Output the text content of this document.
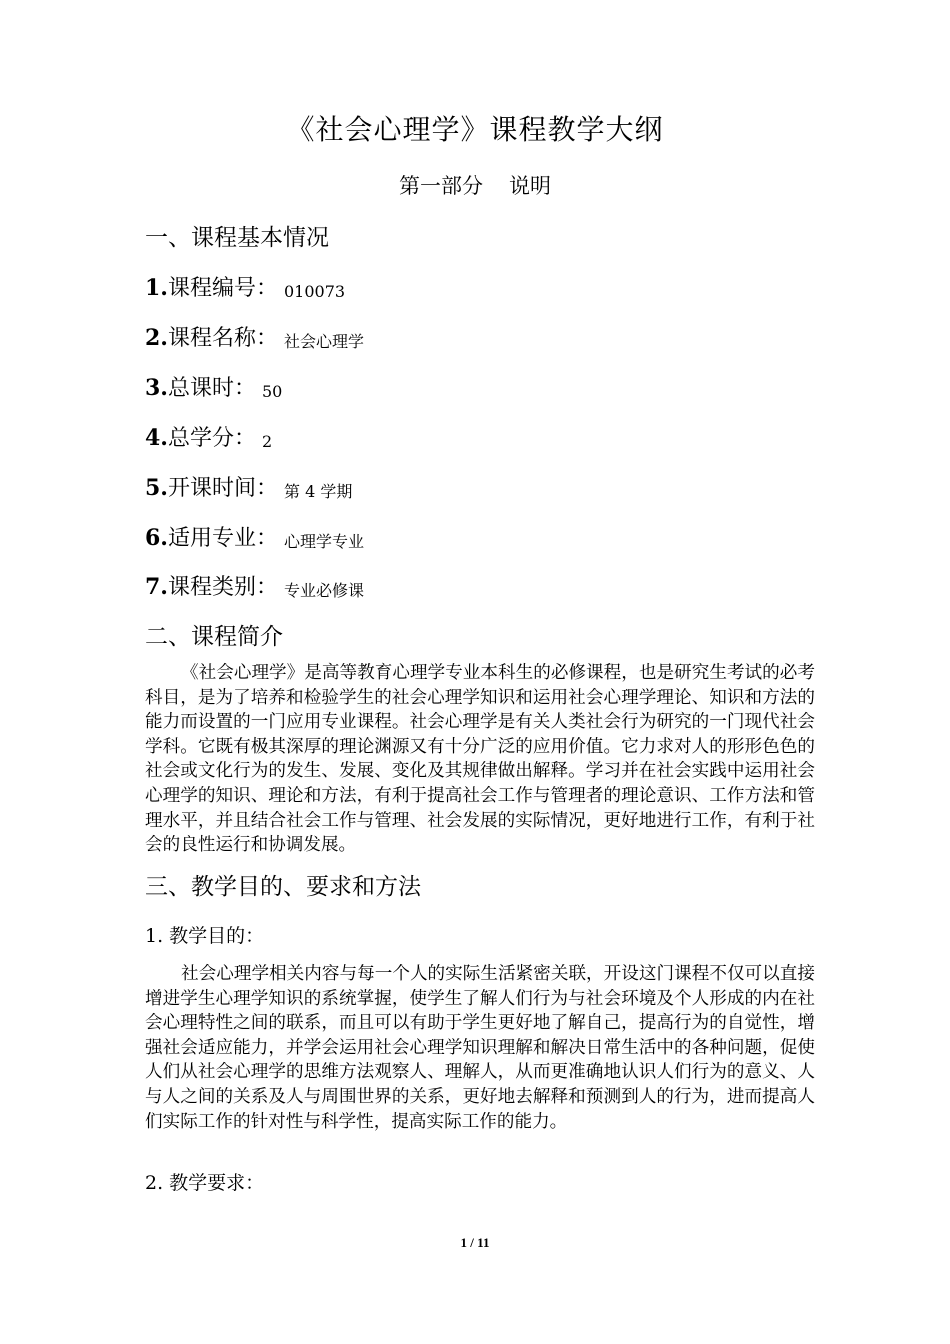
《社会心理学》课程教学大纲
第一部分 说明
一、课程基本情况
1.课程编号： 010073
2.课程名称： 社会心理学
3.总课时： 50
4.总学分： 2
5.开课时间： 第 4 学期
6.适用专业： 心理学专业
7.课程类别： 专业必修课
二、课程简介

《社会心理学》是高等教育心理学专业本科生的必修课程，也是研究生考试的必考科目，是为了培养和检验学生的社会心理学知识和运用社会心理学理论、知识和方法的能力而设置的一门应用专业课程。社会心理学是有关人类社会行为研究的一门现代社会学科。它既有极其深厚的理论渊源又有十分广泛的应用价值。它力求对人的形形色色的社会或文化行为的发生、发展、变化及其规律做出解释。学习并在社会实践中运用社会心理学的知识、理论和方法，有利于提高社会工作与管理者的理论意识、工作方法和管理水平，并且结合社会工作与管理、社会发展的实际情况，更好地进行工作，有利于社会的良性运行和协调发展。

三、教学目的、要求和方法
1. 教学目的：

社会心理学相关内容与每一个人的实际生活紧密关联，开设这门课程不仅可以直接增进学生心理学知识的系统掌握，使学生了解人们行为与社会环境及个人形成的内在社会心理特性之间的联系，而且可以有助于学生更好地了解自己，提高行为的自觉性，增强社会适应能力，并学会运用社会心理学知识理解和解决日常生活中的各种问题，促使人们从社会心理学的思维方法观察人、理解人，从而更准确地认识人们行为的意义、人与人之间的关系及人与周围世界的关系，更好地去解释和预测到人的行为，进而提高人们实际工作的针对性与科学性，提高实际工作的能力。

2. 教学要求：
1 / 11
